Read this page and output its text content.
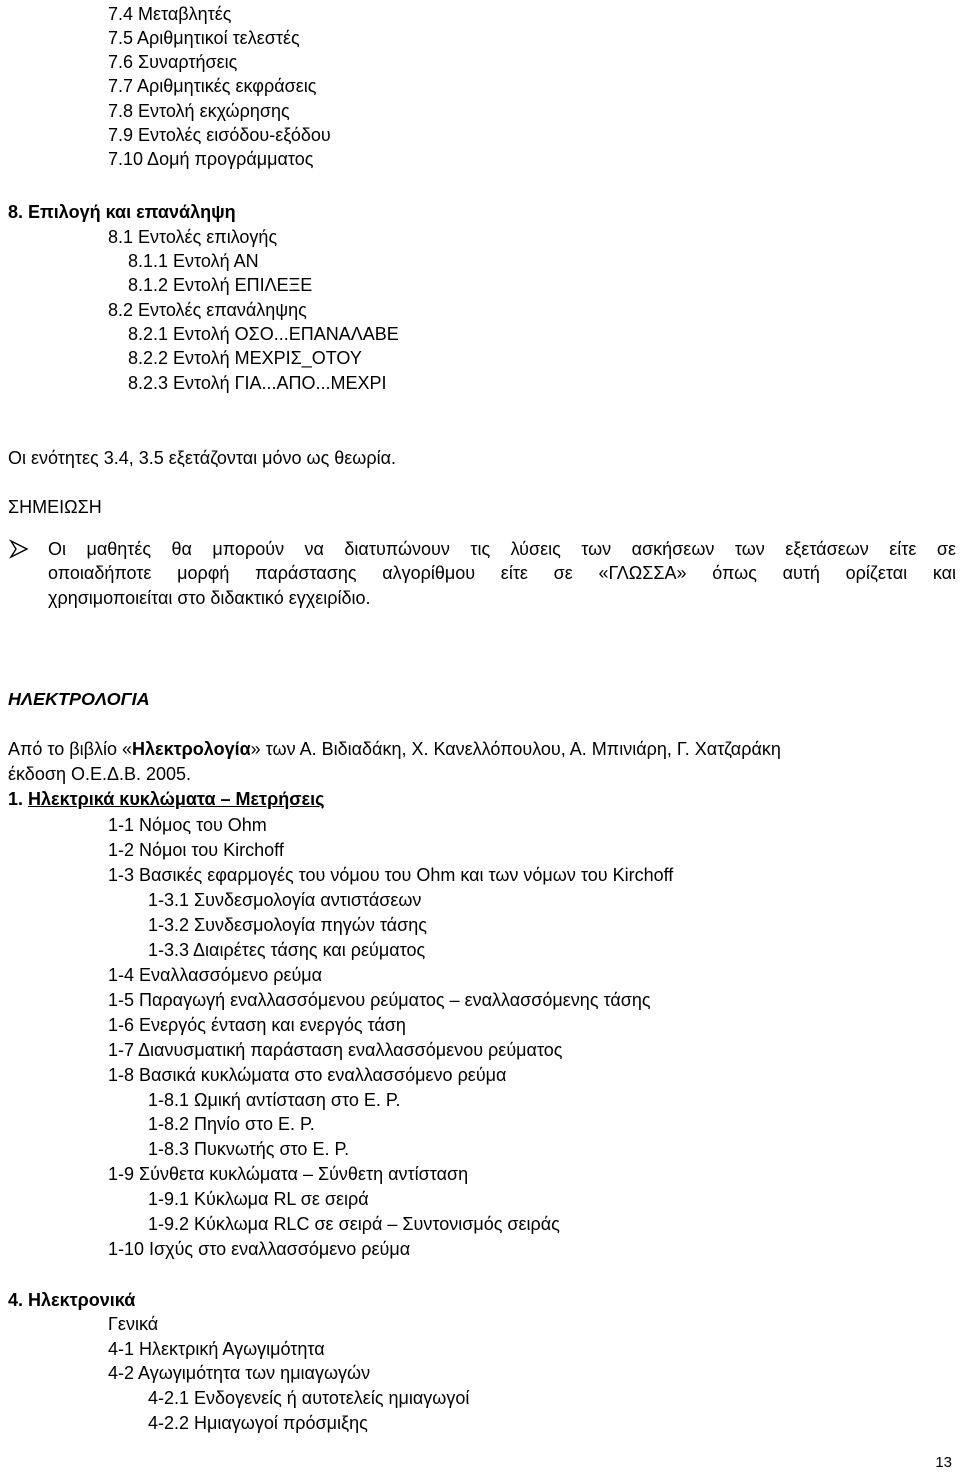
7.4 Μεταβλητές
7.5 Αριθμητικοί τελεστές
7.6 Συναρτήσεις
7.7 Αριθμητικές εκφράσεις
7.8 Εντολή εκχώρησης
7.9 Εντολές εισόδου-εξόδου
7.10 Δομή προγράμματος
8. Επιλογή και επανάληψη
8.1 Εντολές επιλογής
8.1.1 Εντολή ΑΝ
8.1.2 Εντολή ΕΠΙΛΕΞΕ
8.2 Εντολές επανάληψης
8.2.1 Εντολή ΟΣΟ...ΕΠΑΝΑΛΑΒΕ
8.2.2 Εντολή ΜΕΧΡΙΣ_ΟΤΟΥ
8.2.3 Εντολή ΓΙΑ...ΑΠΟ...ΜΕΧΡΙ
Οι ενότητες 3.4, 3.5 εξετάζονται μόνο ως θεωρία.
ΣΗΜΕΙΩΣΗ
Οι μαθητές θα μπορούν να διατυπώνουν τις λύσεις των ασκήσεων των εξετάσεων είτε σε
οποιαδήποτε μορφή παράστασης αλγορίθμου είτε σε «ΓΛΩΣΣΑ» όπως αυτή ορίζεται και
χρησιμοποιείται στο διδακτικό εγχειρίδιο.
ΗΛΕΚΤΡΟΛΟΓΙΑ
Από το βιβλίο «Ηλεκτρολογία» των Α. Βιδιαδάκη, Χ. Κανελλόπουλου, Α. Μπινιάρη, Γ. Χατζαράκη
έκδοση Ο.Ε.Δ.Β. 2005.
1. Ηλεκτρικά κυκλώματα – Μετρήσεις
1-1 Νόμος του Ohm
1-2 Νόμοι του Kirchoff
1-3 Βασικές εφαρμογές του νόμου του Ohm και των νόμων του Kirchoff
1-3.1 Συνδεσμολογία αντιστάσεων
1-3.2 Συνδεσμολογία πηγών τάσης
1-3.3 Διαιρέτες τάσης και ρεύματος
1-4 Εναλλασσόμενο ρεύμα
1-5 Παραγωγή εναλλασσόμενου ρεύματος – εναλλασσόμενης τάσης
1-6 Ενεργός ένταση και ενεργός τάση
1-7 Διανυσματική παράσταση εναλλασσόμενου ρεύματος
1-8 Βασικά κυκλώματα στο εναλλασσόμενο ρεύμα
1-8.1 Ωμική αντίσταση στο Ε. Ρ.
1-8.2 Πηνίο στο Ε. Ρ.
1-8.3 Πυκνωτής στο Ε. Ρ.
1-9 Σύνθετα κυκλώματα – Σύνθετη αντίσταση
1-9.1 Κύκλωμα RL σε σειρά
1-9.2 Κύκλωμα RLC σε σειρά – Συντονισμός σειράς
1-10 Ισχύς στο εναλλασσόμενο ρεύμα
4. Ηλεκτρονικά
Γενικά
4-1 Ηλεκτρική Αγωγιμότητα
4-2 Αγωγιμότητα των ημιαγωγών
4-2.1 Ενδογενείς ή αυτοτελείς ημιαγωγοί
4-2.2 Ημιαγωγοί πρόσμιξης
13
